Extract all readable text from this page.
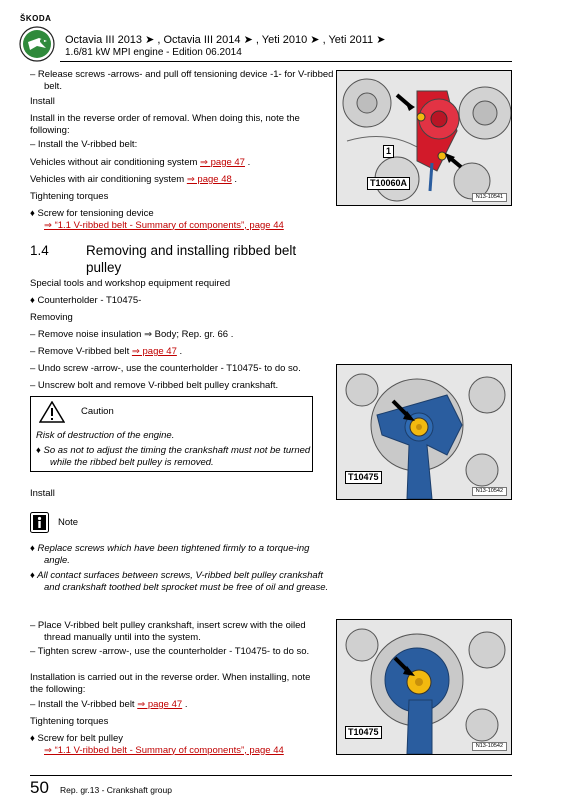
ŠKODA
Octavia III 2013 ➤ , Octavia III 2014 ➤ , Yeti 2010 ➤ , Yeti 2011 ➤
1.6/81 kW MPI engine - Edition 06.2014
– Release screws -arrows- and pull off tensioning device -1- for V-ribbed belt.
Install
Install in the reverse order of removal. When doing this, note the following:
– Install the V-ribbed belt:
Vehicles without air conditioning system ⇒ page 47 .
Vehicles with air conditioning system ⇒ page 48 .
Tightening torques
♦ Screw for tensioning device
⇒ “1.1 V-ribbed belt - Summary of components”, page 44
1.4	Removing and installing ribbed belt pulley
Special tools and workshop equipment required
♦ Counterholder - T10475-
Removing
– Remove noise insulation ⇒ Body; Rep. gr. 66 .
– Remove V-ribbed belt ⇒ page 47 .
– Undo screw -arrow-, use the counterholder - T10475- to do so.
– Unscrew bolt and remove V-ribbed belt pulley crankshaft.
Caution
Risk of destruction of the engine.
♦ So as not to adjust the timing the crankshaft must not be turned while the ribbed belt pulley is removed.
Install
Note
♦ Replace screws which have been tightened firmly to a torque-ing angle.
♦ All contact surfaces between screws, V-ribbed belt pulley crankshaft and crankshaft toothed belt sprocket must be free of oil and grease.
– Place V-ribbed belt pulley crankshaft, insert screw with the oiled thread manually until into the system.
– Tighten screw -arrow-, use the counterholder - T10475- to do so.
Installation is carried out in the reverse order. When installing, note the following:
– Install the V-ribbed belt ⇒ page 47 .
Tightening torques
♦ Screw for belt pulley
⇒ “1.1 V-ribbed belt - Summary of components”, page 44
1
T10060A
N13-10541
T10475
N13-10542
T10475
N13-10542
50 Rep. gr.13 - Crankshaft group
